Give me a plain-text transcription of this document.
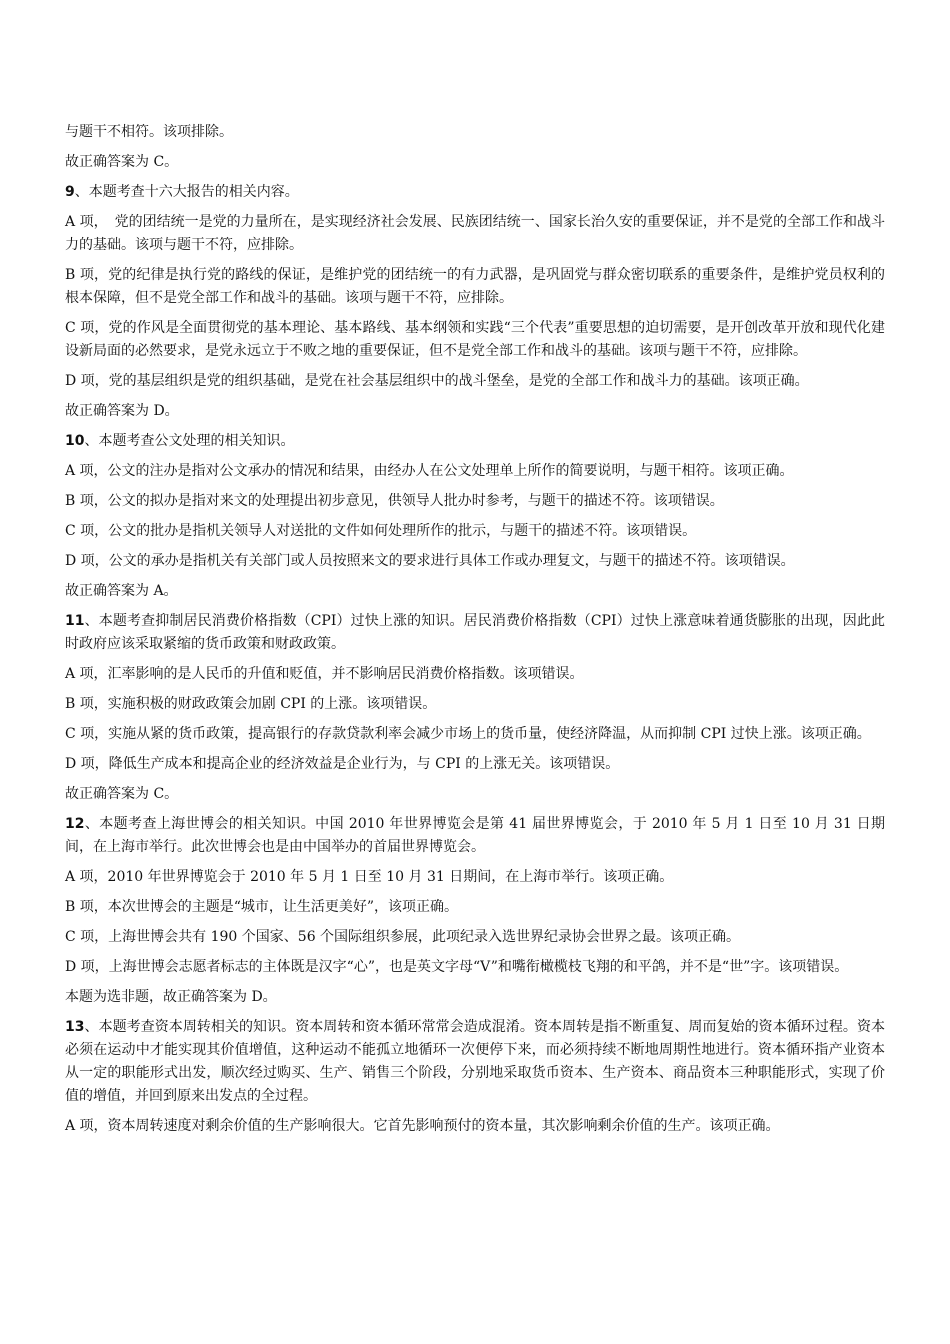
与题干不相符。该项排除。

故正确答案为 C。

9、本题考查十六大报告的相关内容。

A 项，　党的团结统一是党的力量所在，是实现经济社会发展、民族团结统一、国家长治久安的重要保证，并不是党的全部工作和战斗力的基础。该项与题干不符，应排除。

B 项，党的纪律是执行党的路线的保证，是维护党的团结统一的有力武器，是巩固党与群众密切联系的重要条件，是维护党员权利的根本保障，但不是党全部工作和战斗的基础。该项与题干不符，应排除。

C 项，党的作风是全面贯彻党的基本理论、基本路线、基本纲领和实践“三个代表”重要思想的迫切需要，是开创改革开放和现代化建设新局面的必然要求，是党永远立于不败之地的重要保证，但不是党全部工作和战斗的基础。该项与题干不符，应排除。

D 项，党的基层组织是党的组织基础，是党在社会基层组织中的战斗堡垒，是党的全部工作和战斗力的基础。该项正确。

故正确答案为 D。

10、本题考查公文处理的相关知识。

A 项，公文的注办是指对公文承办的情况和结果，由经办人在公文处理单上所作的简要说明，与题干相符。该项正确。

B 项，公文的拟办是指对来文的处理提出初步意见，供领导人批办时参考，与题干的描述不符。该项错误。

C 项，公文的批办是指机关领导人对送批的文件如何处理所作的批示，与题干的描述不符。该项错误。

D 项，公文的承办是指机关有关部门或人员按照来文的要求进行具体工作或办理复文，与题干的描述不符。该项错误。

故正确答案为 A。

11、本题考查抑制居民消费价格指数（CPI）过快上涨的知识。居民消费价格指数（CPI）过快上涨意味着通货膨胀的出现，因此此时政府应该采取紧缩的货币政策和财政政策。

A 项，汇率影响的是人民币的升值和贬值，并不影响居民消费价格指数。该项错误。

B 项，实施积极的财政政策会加剧 CPI 的上涨。该项错误。

C 项，实施从紧的货币政策，提高银行的存款贷款利率会减少市场上的货币量，使经济降温，从而抑制 CPI 过快上涨。该项正确。

D 项，降低生产成本和提高企业的经济效益是企业行为，与 CPI 的上涨无关。该项错误。

故正确答案为 C。

12、本题考查上海世博会的相关知识。中国 2010 年世界博览会是第 41 届世界博览会，于 2010 年 5 月 1 日至 10 月 31 日期间，在上海市举行。此次世博会也是由中国举办的首届世界博览会。

A 项，2010 年世界博览会于 2010 年 5 月 1 日至 10 月 31 日期间，在上海市举行。该项正确。

B 项，本次世博会的主题是“城市，让生活更美好”，该项正确。

C 项，上海世博会共有 190 个国家、56 个国际组织参展，此项纪录入选世界纪录协会世界之最。该项正确。

D 项，上海世博会志愿者标志的主体既是汉字“心”，也是英文字母“V”和嘴衔橄榄枝飞翔的和平鸽，并不是“世”字。该项错误。

本题为选非题，故正确答案为 D。

13、本题考查资本周转相关的知识。资本周转和资本循环常常会造成混淆。资本周转是指不断重复、周而复始的资本循环过程。资本必须在运动中才能实现其价值增值，这种运动不能孤立地循环一次便停下来，而必须持续不断地周期性地进行。资本循环指产业资本从一定的职能形式出发，顺次经过购买、生产、销售三个阶段，分别地采取货币资本、生产资本、商品资本三种职能形式，实现了价值的增值，并回到原来出发点的全过程。

A 项，资本周转速度对剩余价值的生产影响很大。它首先影响预付的资本量，其次影响剩余价值的生产。该项正确。
